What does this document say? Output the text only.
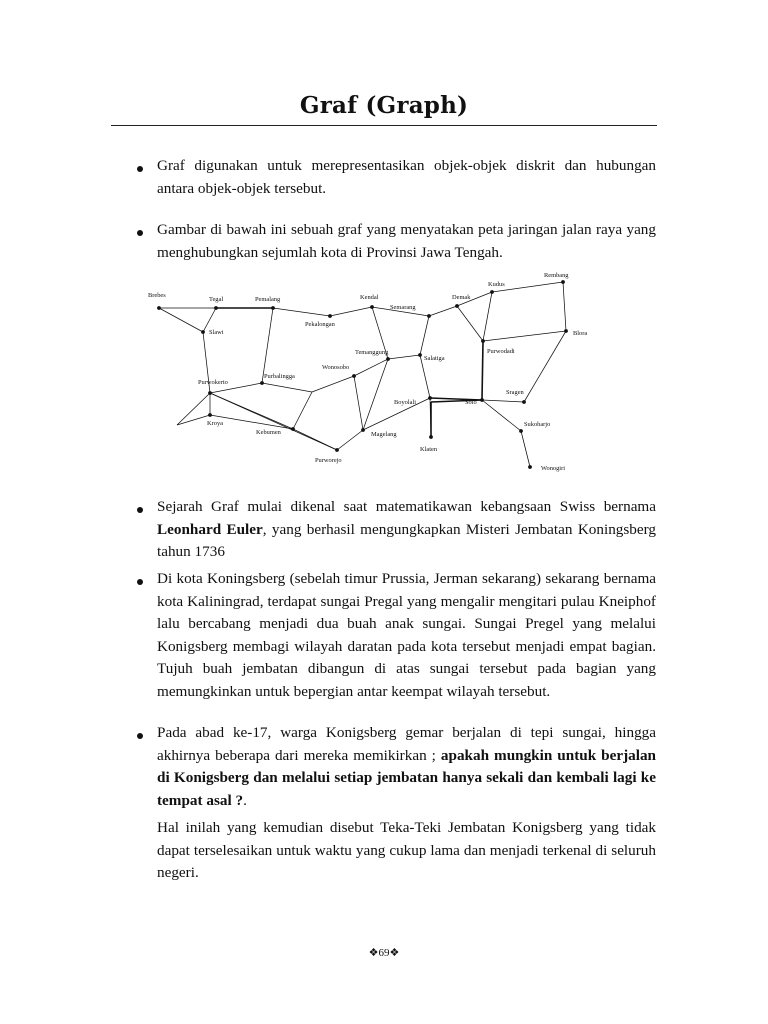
Graf (Graph)
Graf digunakan untuk merepresentasikan objek-objek diskrit dan hubungan antara objek-objek tersebut.
Gambar di bawah ini sebuah graf yang menyatakan peta jaringan jalan raya yang menghubungkan sejumlah kota di Provinsi Jawa Tengah.
Brebes
Tegal	Pemalang	Kendal	Demak
Kudus
Rembang
Slawi
Pekalongan
Semarang
Purwodadi
Blora
Temanggung
Wonosobo
Salatiga
Purbalingga
Purwokerto
Boyolali	Solo
Sragen
Kroya
Kebumen	Magelang
Klaten
Sukoharjo
Purworejo
Wonogiri
Sejarah Graf mulai dikenal saat matematikawan kebangsaan Swiss bernama Leonhard Euler, yang berhasil mengungkapkan Misteri Jembatan Koningsberg tahun 1736
Di kota Koningsberg (sebelah timur Prussia, Jerman sekarang) sekarang bernama kota Kaliningrad, terdapat sungai Pregal yang mengalir mengitari pulau Kneiphof lalu bercabang menjadi dua buah anak sungai. Sungai Pregel yang melalui Konigsberg membagi wilayah daratan pada kota tersebut menjadi empat bagian. Tujuh buah jembatan dibangun di atas sungai tersebut pada bagian yang memungkinkan untuk bepergian antar keempat wilayah tersebut.
Pada abad ke-17, warga Konigsberg gemar berjalan di tepi sungai, hingga akhirnya beberapa dari mereka memikirkan ; apakah mungkin untuk berjalan di Konigsberg dan melalui setiap jembatan hanya sekali dan kembali lagi ke tempat asal ?.
Hal inilah yang kemudian disebut Teka-Teki Jembatan Konigsberg yang tidak dapat terselesaikan untuk waktu yang cukup lama dan menjadi terkenal di seluruh negeri.
❖69❖
